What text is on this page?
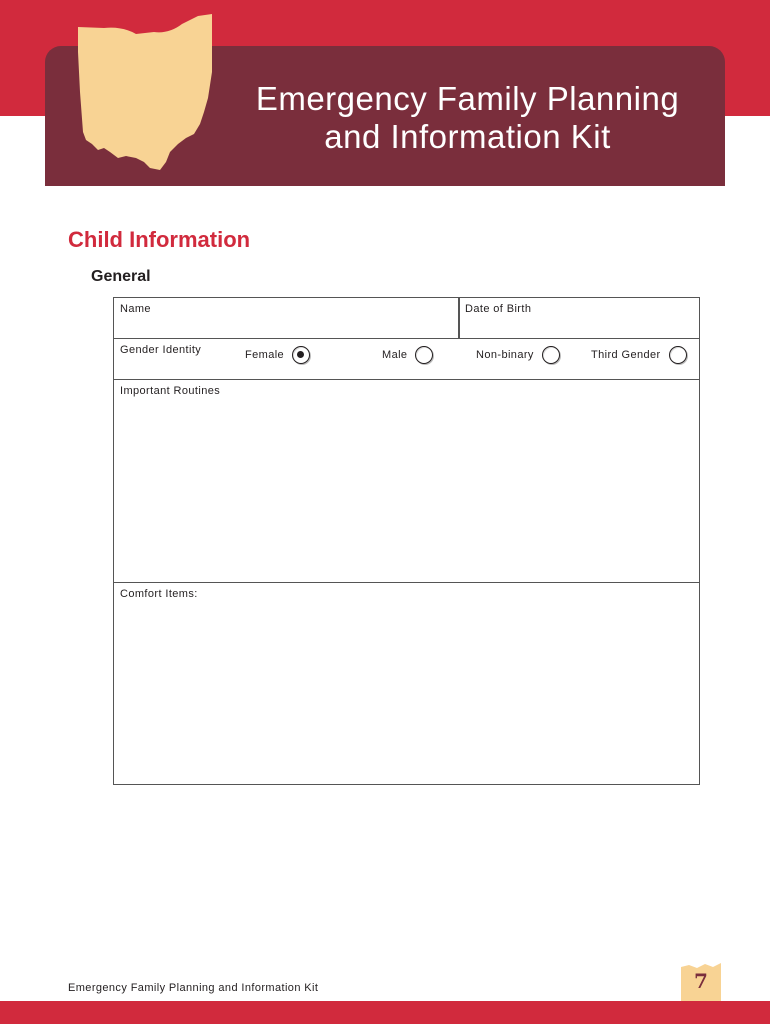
Emergency Family Planning
and Information Kit
Child Information
General
Name	Date of Birth
Gender Identity	Female	Male	Non-binary	Third Gender
Important Routines
Comfort Items:
Emergency Family Planning and Information Kit	7
